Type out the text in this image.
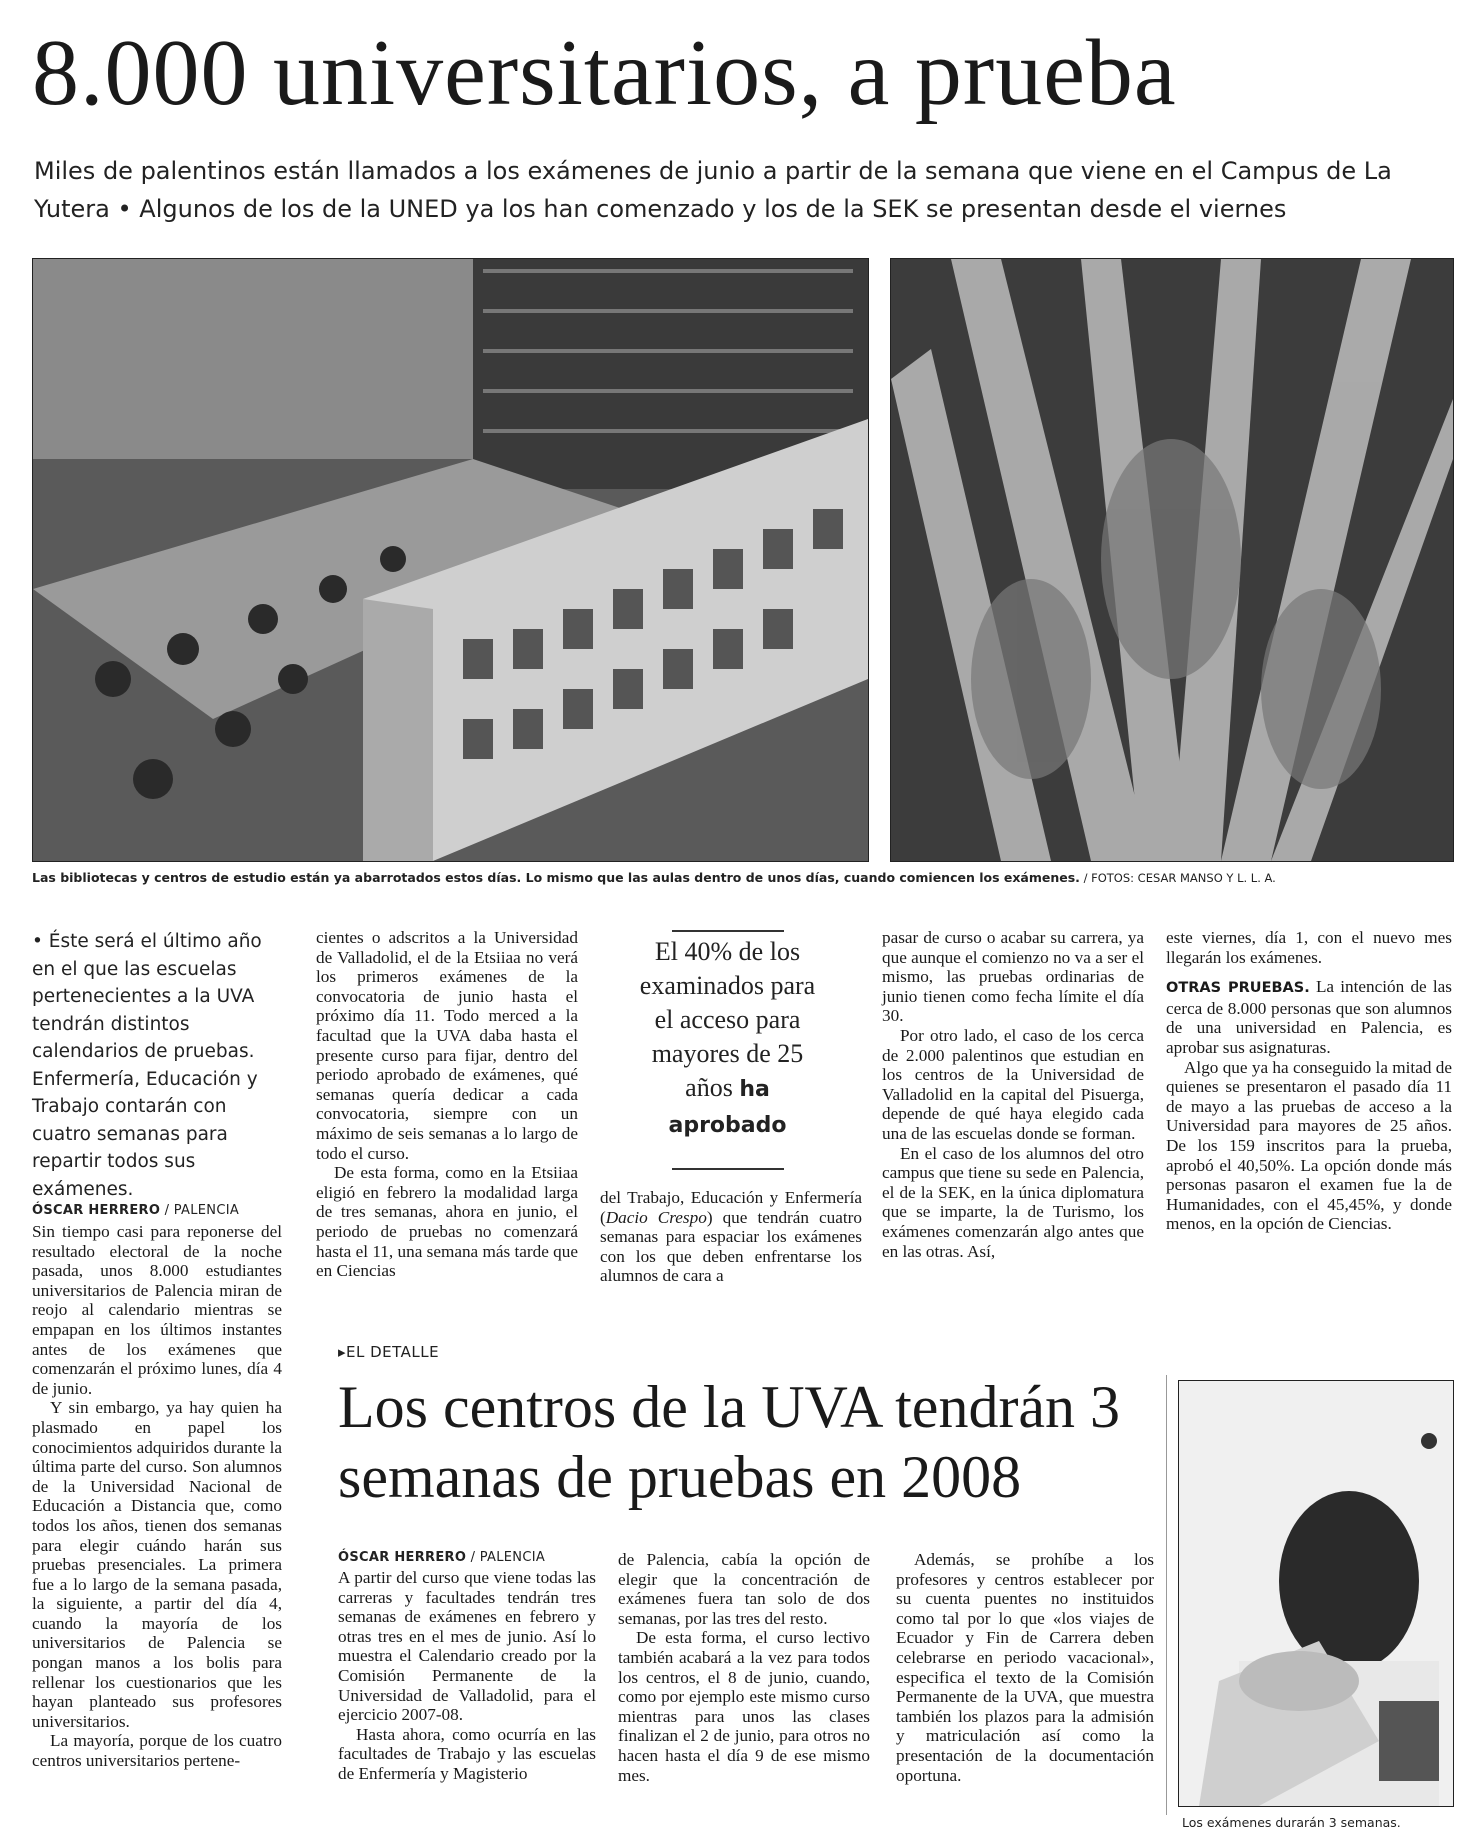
8.000 universitarios, a prueba
Miles de palentinos están llamados a los exámenes de junio a partir de la semana que viene en el Campus de La Yutera • Algunos de los de la UNED ya los han comenzado y los de la SEK se presentan desde el viernes
Las bibliotecas y centros de estudio están ya abarrotados estos días. Lo mismo que las aulas dentro de unos días, cuando comiencen los exámenes. / FOTOS: CESAR MANSO Y L. L. A.
• Éste será el último año en el que las escuelas pertenecientes a la UVA tendrán distintos calendarios de pruebas. Enfermería, Educación y Trabajo contarán con cuatro semanas para repartir todos sus exámenes.
ÓSCAR HERRERO / PALENCIA

Sin tiempo casi para reponerse del resultado electoral de la noche pasada, unos 8.000 estudiantes universitarios de Palencia miran de reojo al calendario mientras se empapan en los últimos instantes antes de los exámenes que comenzarán el próximo lunes, día 4 de junio.

Y sin embargo, ya hay quien ha plasmado en papel los conocimientos adquiridos durante la última parte del curso. Son alumnos de la Universidad Nacional de Educación a Distancia que, como todos los años, tienen dos semanas para elegir cuándo harán sus pruebas presenciales. La primera fue a lo largo de la semana pasada, la siguiente, a partir del día 4, cuando la mayoría de los universitarios de Palencia se pongan manos a los bolis para rellenar los cuestionarios que les hayan planteado sus profesores universitarios.

La mayoría, porque de los cuatro centros universitarios pertene-

cientes o adscritos a la Universidad de Valladolid, el de la Etsiiaa no verá los primeros exámenes de la convocatoria de junio hasta el próximo día 11. Todo merced a la facultad que la UVA daba hasta el presente curso para fijar, dentro del periodo aprobado de exámenes, qué semanas quería dedicar a cada convocatoria, siempre con un máximo de seis semanas a lo largo de todo el curso.

De esta forma, como en la Etsiiaa eligió en febrero la modalidad larga de tres semanas, ahora en junio, el periodo de pruebas no comenzará hasta el 11, una semana más tarde que en Ciencias

El 40% de los examinados para el acceso para mayores de 25 años ha aprobado

del Trabajo, Educación y Enfermería (Dacio Crespo) que tendrán cuatro semanas para espaciar los exámenes con los que deben enfrentarse los alumnos de cara a

pasar de curso o acabar su carrera, ya que aunque el comienzo no va a ser el mismo, las pruebas ordinarias de junio tienen como fecha límite el día 30.

Por otro lado, el caso de los cerca de 2.000 palentinos que estudian en los centros de la Universidad de Valladolid en la capital del Pisuerga, depende de qué haya elegido cada una de las escuelas donde se forman.

En el caso de los alumnos del otro campus que tiene su sede en Palencia, el de la SEK, en la única diplomatura que se imparte, la de Turismo, los exámenes comenzarán algo antes que en las otras. Así,

este viernes, día 1, con el nuevo mes llegarán los exámenes.

OTRAS PRUEBAS. La intención de las cerca de 8.000 personas que son alumnos de una universidad en Palencia, es aprobar sus asignaturas.

Algo que ya ha conseguido la mitad de quienes se presentaron el pasado día 11 de mayo a las pruebas de acceso a la Universidad para mayores de 25 años. De los 159 inscritos para la prueba, aprobó el 40,50%. La opción donde más personas pasaron el examen fue la de Humanidades, con el 45,45%, y donde menos, en la opción de Ciencias.

▸EL DETALLE
Los centros de la UVA tendrán 3 semanas de pruebas en 2008
ÓSCAR HERRERO / PALENCIA

A partir del curso que viene todas las carreras y facultades tendrán tres semanas de exámenes en febrero y otras tres en el mes de junio. Así lo muestra el Calendario creado por la Comisión Permanente de la Universidad de Valladolid, para el ejercicio 2007-08.

Hasta ahora, como ocurría en las facultades de Trabajo y las escuelas de Enfermería y Magisterio

de Palencia, cabía la opción de elegir que la concentración de exámenes fuera tan solo de dos semanas, por las tres del resto.

De esta forma, el curso lectivo también acabará a la vez para todos los centros, el 8 de junio, cuando, como por ejemplo este mismo curso mientras para unos las clases finalizan el 2 de junio, para otros no hacen hasta el día 9 de ese mismo mes.

Además, se prohíbe a los profesores y centros establecer por su cuenta puentes no instituidos como tal por lo que «los viajes de Ecuador y Fin de Carrera deben celebrarse en periodo vacacional», especifica el texto de la Comisión Permanente de la UVA, que muestra también los plazos para la admisión y matriculación así como la presentación de la documentación oportuna.

Los exámenes durarán 3 semanas.
